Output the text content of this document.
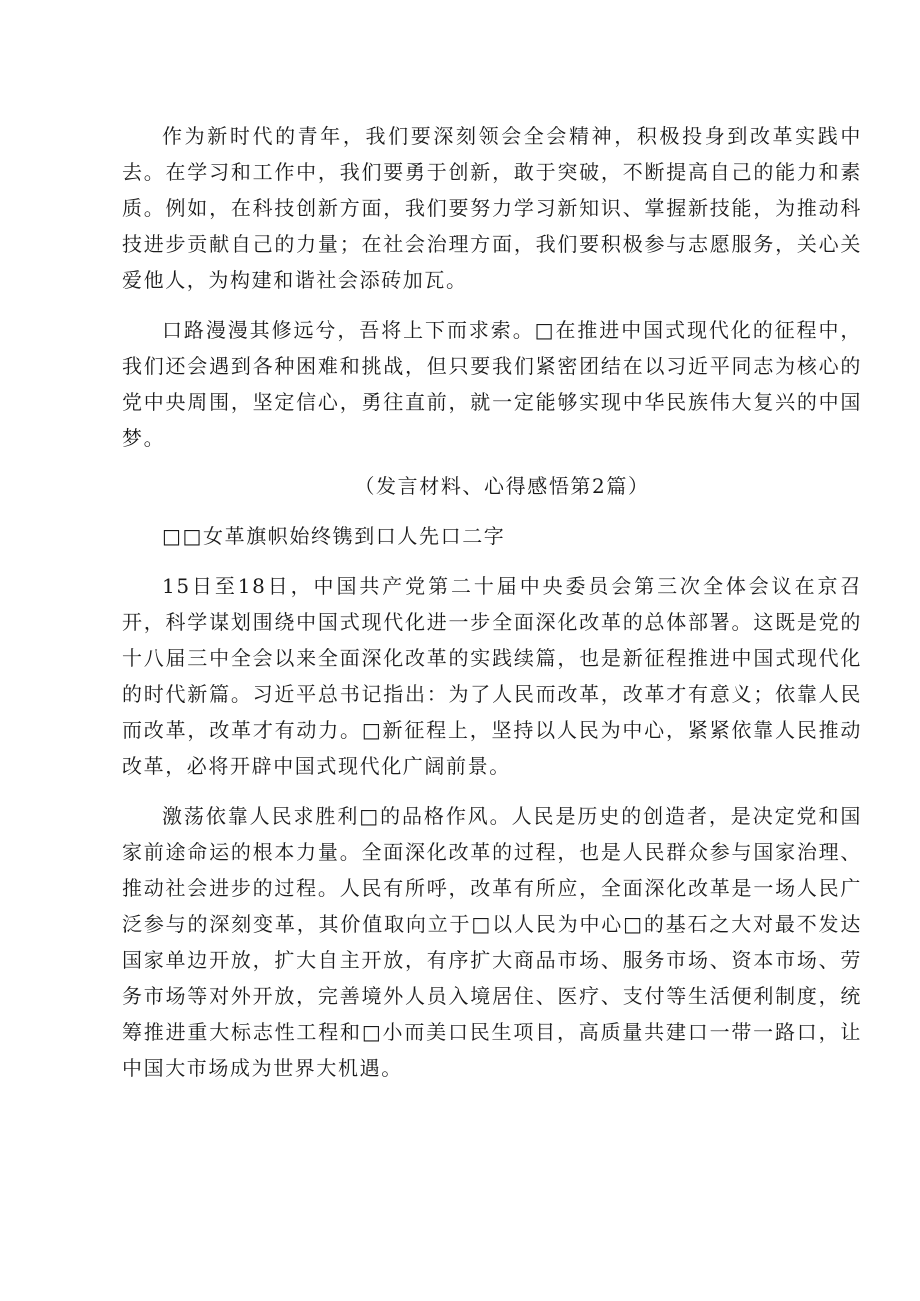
作为新时代的青年，我们要深刻领会全会精神，积极投身到改革实践中去。在学习和工作中，我们要勇于创新，敢于突破，不断提高自己的能力和素质。例如，在科技创新方面，我们要努力学习新知识、掌握新技能，为推动科技进步贡献自己的力量；在社会治理方面，我们要积极参与志愿服务，关心关爱他人，为构建和谐社会添砖加瓦。

口路漫漫其修远兮，吾将上下而求索。□在推进中国式现代化的征程中，我们还会遇到各种困难和挑战，但只要我们紧密团结在以习近平同志为核心的党中央周围，坚定信心，勇往直前，就一定能够实现中华民族伟大复兴的中国梦。

（发言材料、心得感悟第2篇）

□□女革旗帜始终镌到口人先口二字

15日至18日，中国共产党第二十届中央委员会第三次全体会议在京召开，科学谋划围绕中国式现代化进一步全面深化改革的总体部署。这既是党的十八届三中全会以来全面深化改革的实践续篇，也是新征程推进中国式现代化的时代新篇。习近平总书记指出：为了人民而改革，改革才有意义；依靠人民而改革，改革才有动力。□新征程上，坚持以人民为中心，紧紧依靠人民推动改革，必将开辟中国式现代化广阔前景。

激荡依靠人民求胜利□的品格作风。人民是历史的创造者，是决定党和国家前途命运的根本力量。全面深化改革的过程，也是人民群众参与国家治理、推动社会进步的过程。人民有所呼，改革有所应，全面深化改革是一场人民广泛参与的深刻变革，其价值取向立于□以人民为中心□的基石之大对最不发达国家单边开放，扩大自主开放，有序扩大商品市场、服务市场、资本市场、劳务市场等对外开放，完善境外人员入境居住、医疗、支付等生活便利制度，统筹推进重大标志性工程和□小而美口民生项目，高质量共建口一带一路口，让中国大市场成为世界大机遇。
